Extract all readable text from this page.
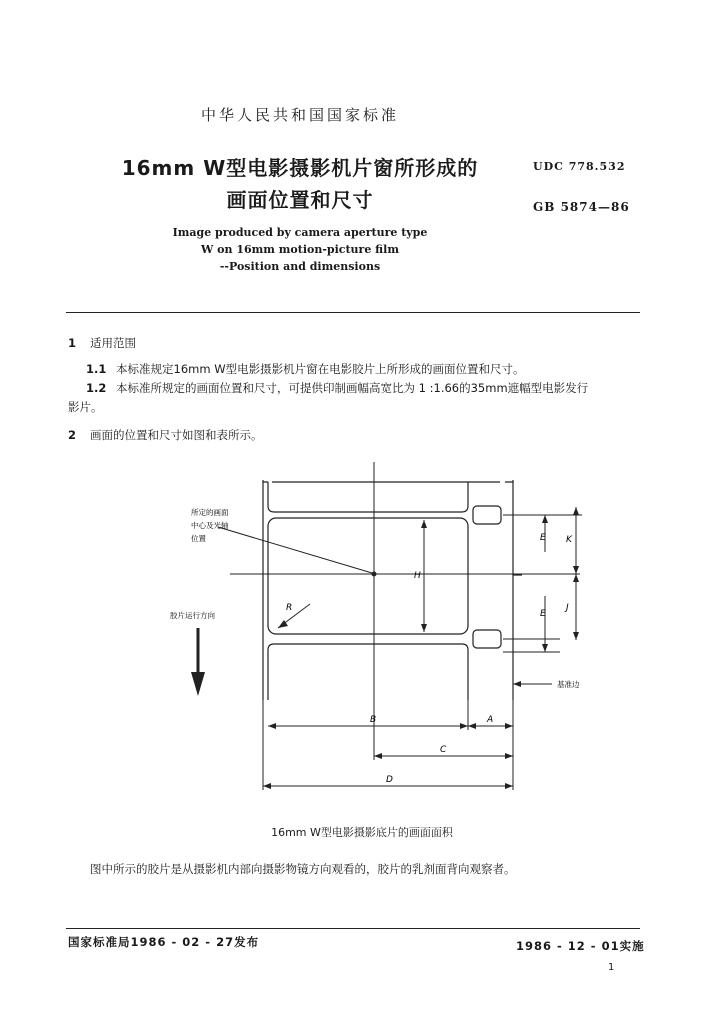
中华人民共和国国家标准
16mm W型电影摄影机片窗所形成的
画面位置和尺寸
UDC 778.532
GB 5874—86
Image produced by camera aperture type
W on 16mm motion-picture film
--Position and dimensions
1 适用范围
1.1 本标准规定16mm W型电影摄影机片窗在电影胶片上所形成的画面位置和尺寸。
1.2 本标准所规定的画面位置和尺寸，可提供印制画幅高宽比为 1 :1.66的35mm遮幅型电影发行
影片。
2 画面的位置和尺寸如图和表所示。
R
H
E K
E
J
B	A
C
D
所定的画面
中心及光轴
位置
胶片运行方向
基准边
16mm W型电影摄影底片的画面面积
图中所示的胶片是从摄影机内部向摄影物镜方向观看的，胶片的乳剂面背向观察者。
国家标准局1986 - 02 - 27发布	1986 - 12 - 01实施
1
